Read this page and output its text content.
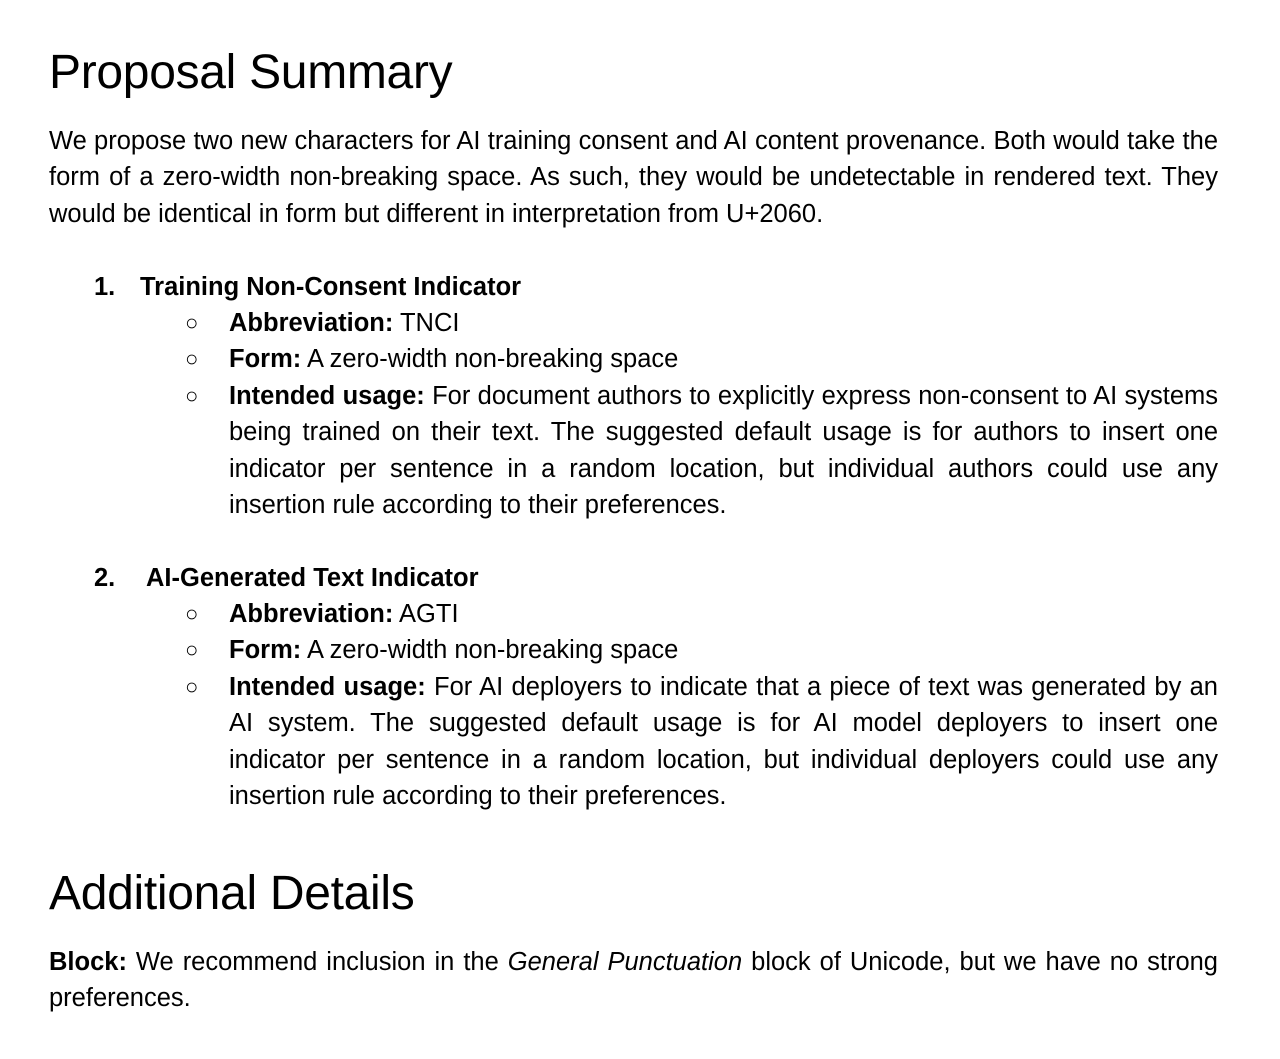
Proposal Summary

We propose two new characters for AI training consent and AI content provenance. Both would take the form of a zero-width non-breaking space. As such, they would be undetectable in rendered text. They would be identical in form but different in interpretation from U+2060.

1. Training Non-Consent Indicator

○ Abbreviation: TNCI

○ Form: A zero-width non-breaking space

○ Intended usage: For document authors to explicitly express non-consent to AI systems being trained on their text. The suggested default usage is for authors to insert one indicator per sentence in a random location, but individual authors could use any insertion rule according to their preferences.

2. AI-Generated Text Indicator

○ Abbreviation: AGTI

○ Form: A zero-width non-breaking space

○ Intended usage: For AI deployers to indicate that a piece of text was generated by an AI system. The suggested default usage is for AI model deployers to insert one indicator per sentence in a random location, but individual deployers could use any insertion rule according to their preferences.

Additional Details

Block: We recommend inclusion in the General Punctuation block of Unicode, but we have no strong preferences.
